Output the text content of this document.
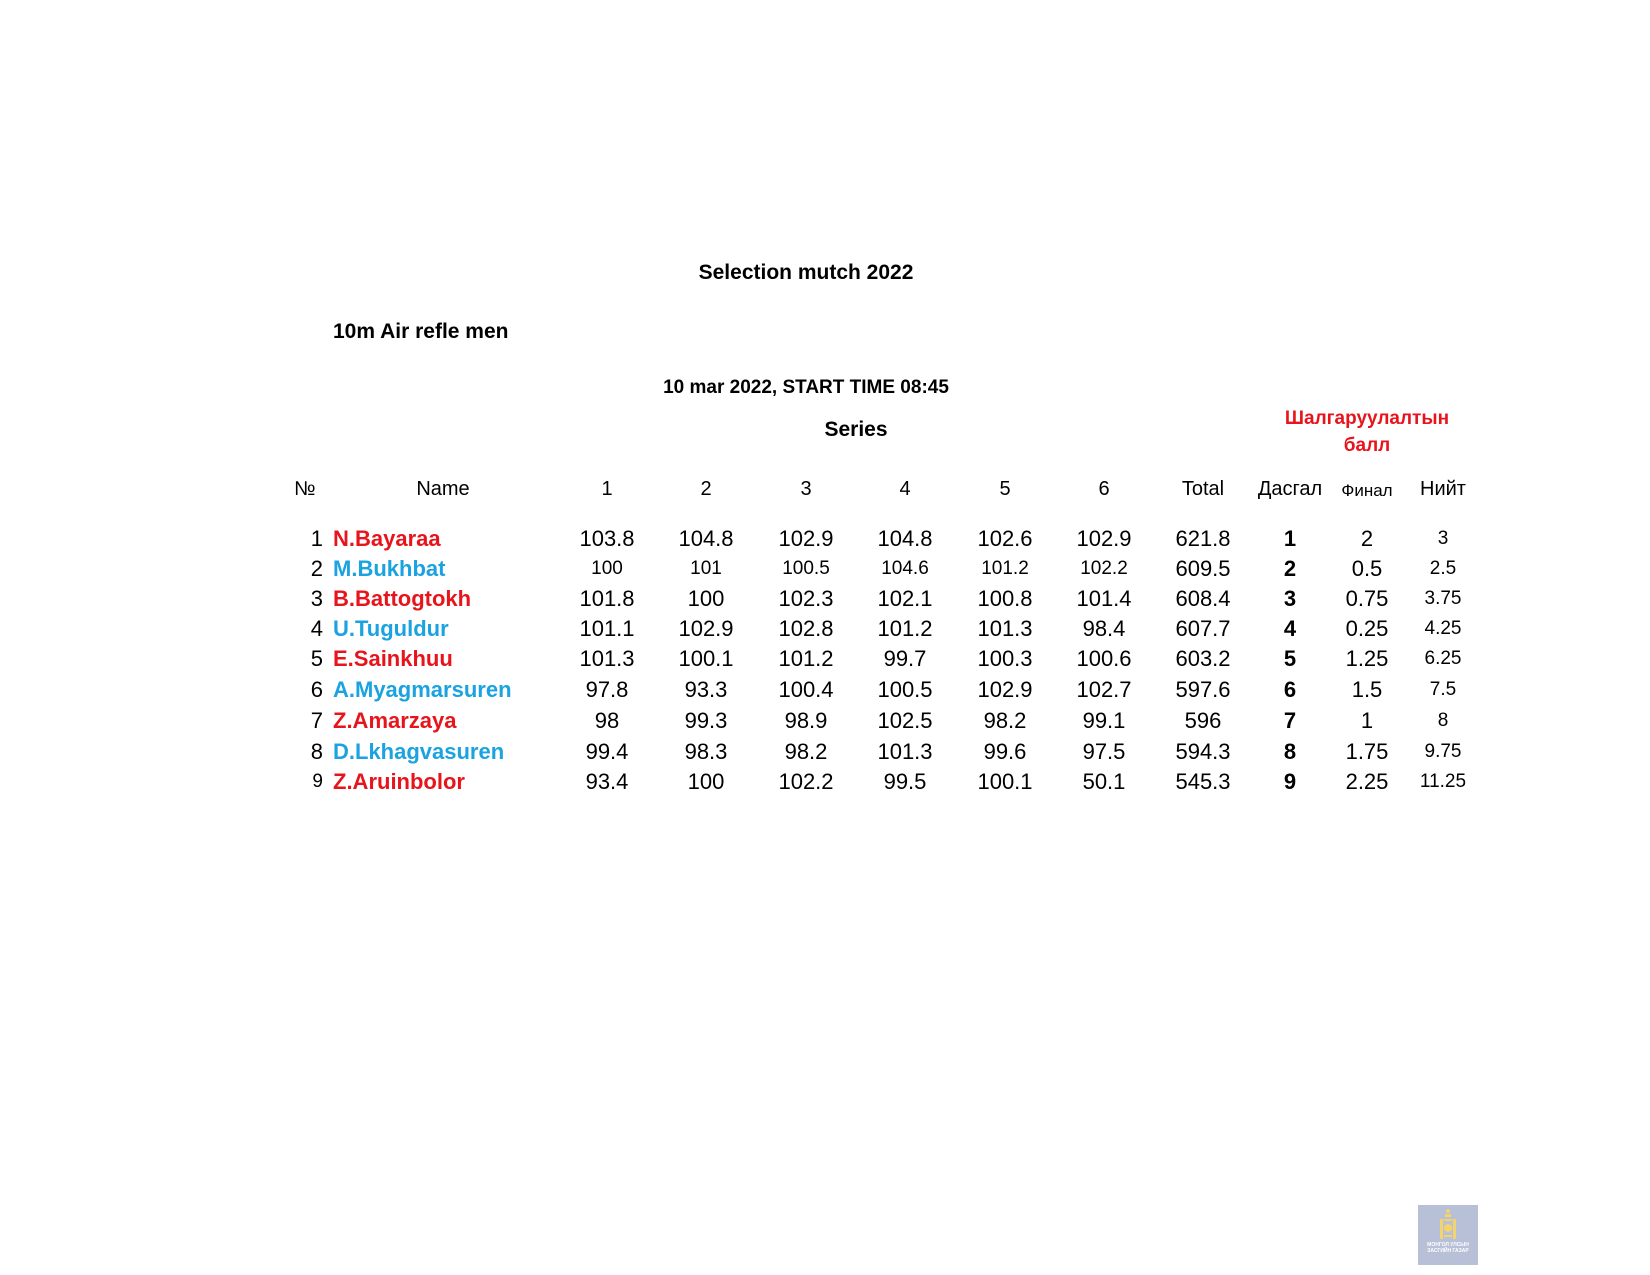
Selection mutch 2022
10m Air refle men
10 mar 2022, START TIME 08:45
Series	Шалгаруулалтын
балл
№	Name	1	2	3	4	5	6	Total Дасгал Финал Нийт
1 N.Bayaraa	103.8 104.8 102.9 104.8 102.6 102.9 621.8 1	2	3
2 M.Bukhbat	100	101	100.5	104.6	101.2	102.2 609.5 2	0.5 2.5
3 B.Battogtokh	101.8 100 102.3 102.1 100.8 101.4 608.4 3 0.75 3.75
4 U.Tuguldur	101.1 102.9 102.8 101.2 101.3 98.4 607.7 4 0.25 4.25
5 E.Sainkhuu	101.3 100.1 101.2 99.7 100.3 100.6 603.2 5 1.25 6.25
6 A.Myagmarsuren	97.8	93.3 100.4 100.5 102.9 102.7 597.6 6	1.5 7.5
7 Z.Amarzaya	98	99.3	98.9 102.5 98.2	99.1	596	7	1	8
8 D.Lkhagvasuren	99.4	98.3	98.2 101.3 99.6	97.5 594.3 8 1.75 9.75
9 Z.Aruinbolor	93.4	100 102.2 99.5 100.1 50.1 545.3 9 2.25 11.25
МОНГОЛ УЛСЫН
ЗАСГИЙН ГАЗАР
